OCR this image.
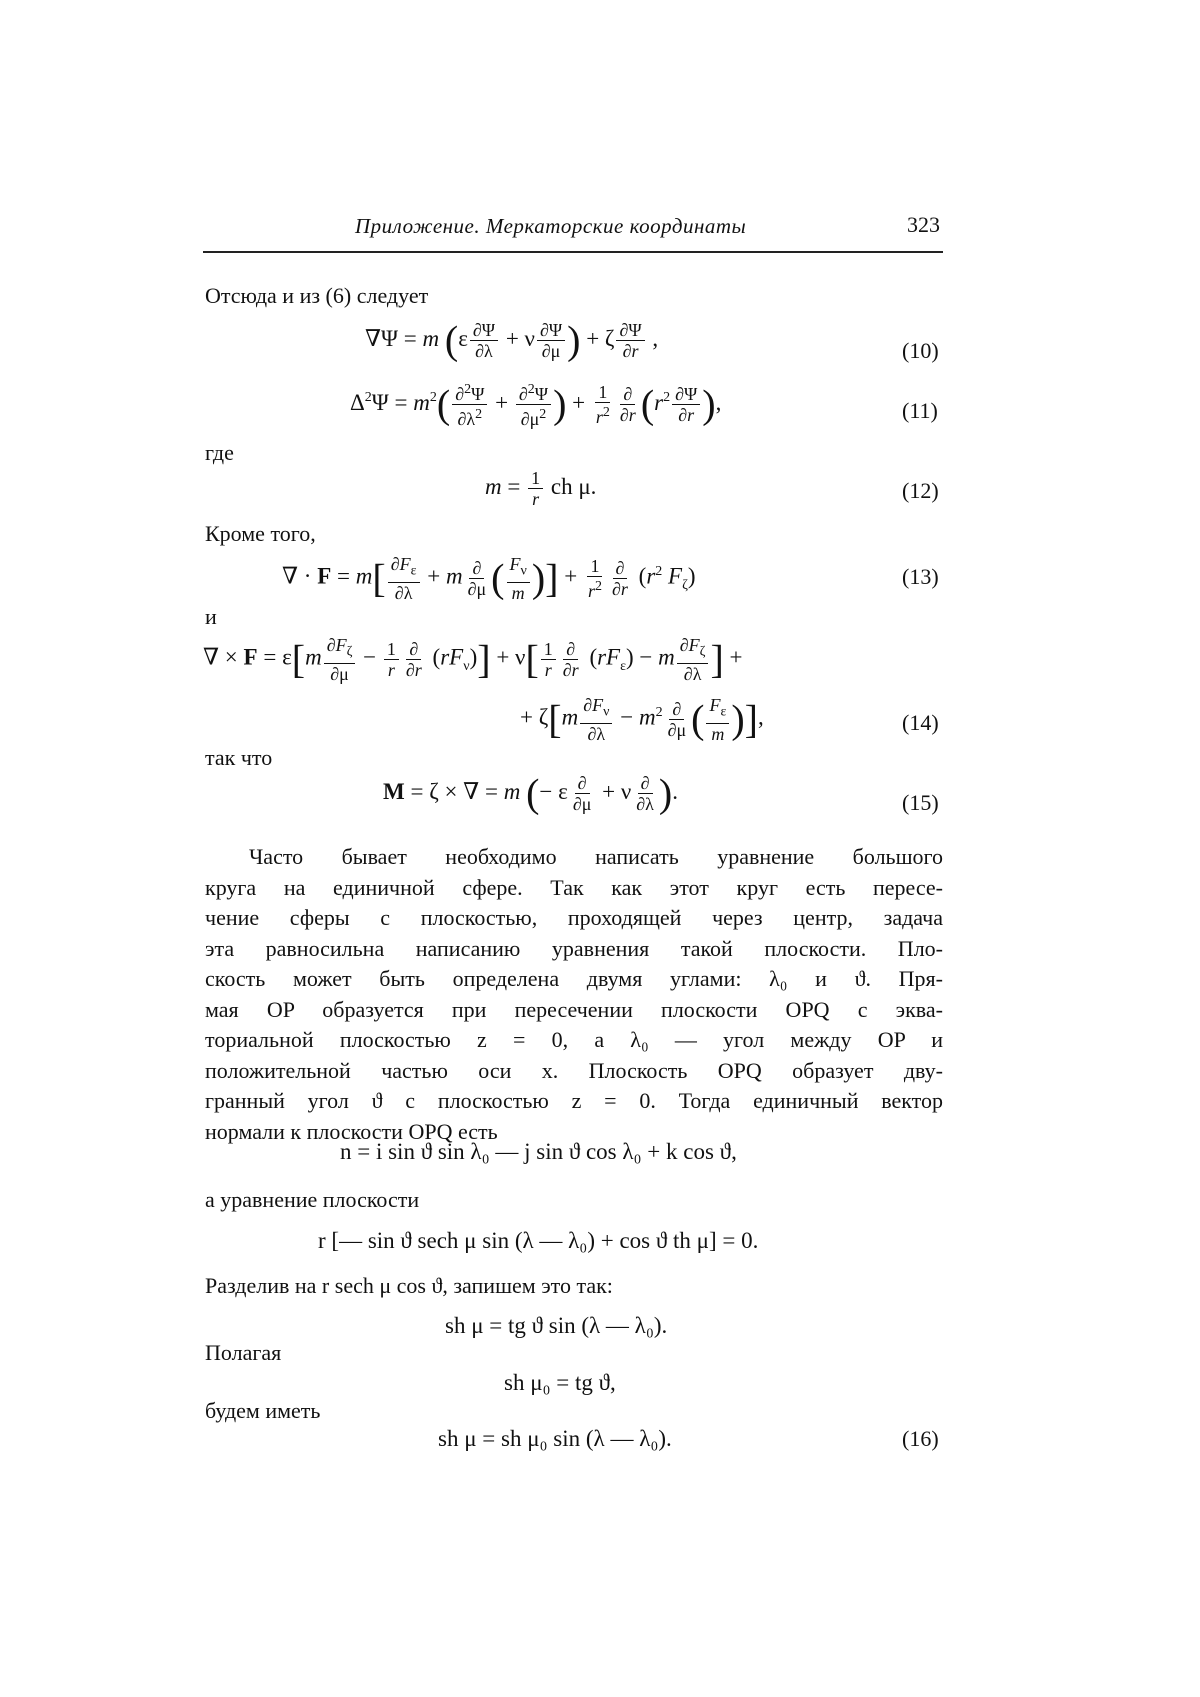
Приложение. Меркаторские координаты	323
Отсюда и из (6) следует
∇Ψ = m ($\varepsilon \frac{\partial\Psi}{\partial\lambda} + \nu \frac{\partial\Psi}{\partial\mu}$ ) + ζ $\frac{\partial\Psi}{\partial r}$ ,	(10)
$\Delta^2\Psi = m^2( \frac{\partial^2\Psi}{\partial\lambda^2} + \frac{\partial^2\Psi}{\partial\mu^2}$ ) + $\frac{1}{r^2} \frac{\partial}{\partial r} (r^2 \frac{\partial\Psi}{\partial r}$ ),	(11)
где
$m = \frac{1}{r}$ ch μ.	(12)
Кроме того,
∇ · $F = m[ \frac{\partial F_\varepsilon}{\partial\lambda} + m \frac{\partial}{\partial\mu}$ ( $\frac{F_\nu}{m}$ )] + $\frac{1}{r^2} \frac{\partial}{\partial r} (r^2$ $F_\zeta$)	(13)
и
∇ × $F = \varepsilon[m \frac{\partial F_\zeta}{\partial\mu} - \frac{1}{r} \frac{\partial}{\partial r} (rF_\nu)] + \nu[ \frac{1}{r} \frac{\partial}{\partial r} (rF_\varepsilon) - m \frac{\partial F_\zeta}{\partial\lambda}$ ] +
+ $\zeta[m \frac{\partial F_\nu}{\partial\lambda} - m^2 \frac{\partial}{\partial\mu}$ ( $\frac{F_\varepsilon}{m}$ )],	(14)
так что
M = ζ × ∇ = m (− ε $\frac{\partial}{\partial\mu} + \nu \frac{\partial}{\partial\lambda}$ ).	(15)
Часто бывает необходимо написать уравнение большого
круга на единичной сфере. Так как этот круг есть пересе-
чение сферы с плоскостью, проходящей через центр, задача
эта равносильна написанию уравнения такой плоскости. Пло-
скость может быть определена двумя углами: λ₀ и ϑ. Пря-
мая OP образуется при пересечении плоскости OPQ с эква-
ториальной плоскостью z = 0, а λ₀ — угол между OP и
положительной частью оси x. Плоскость OPQ образует дву-
гранный угол ϑ с плоскостью z = 0. Тогда единичный вектор
нормали к плоскости OPQ есть
n = i sin ϑ sin λ₀ — j sin ϑ cos λ₀ + k cos ϑ,
а уравнение плоскости
r [— sin ϑ sech μ sin (λ — λ₀) + cos ϑ th μ] = 0.
Разделив на r sech μ cos ϑ, запишем это так:
sh μ = tg ϑ sin (λ — λ₀).
Полагая
sh μ₀ = tg ϑ,
будем иметь
sh μ = sh μ₀ sin (λ — λ₀).	(16)
